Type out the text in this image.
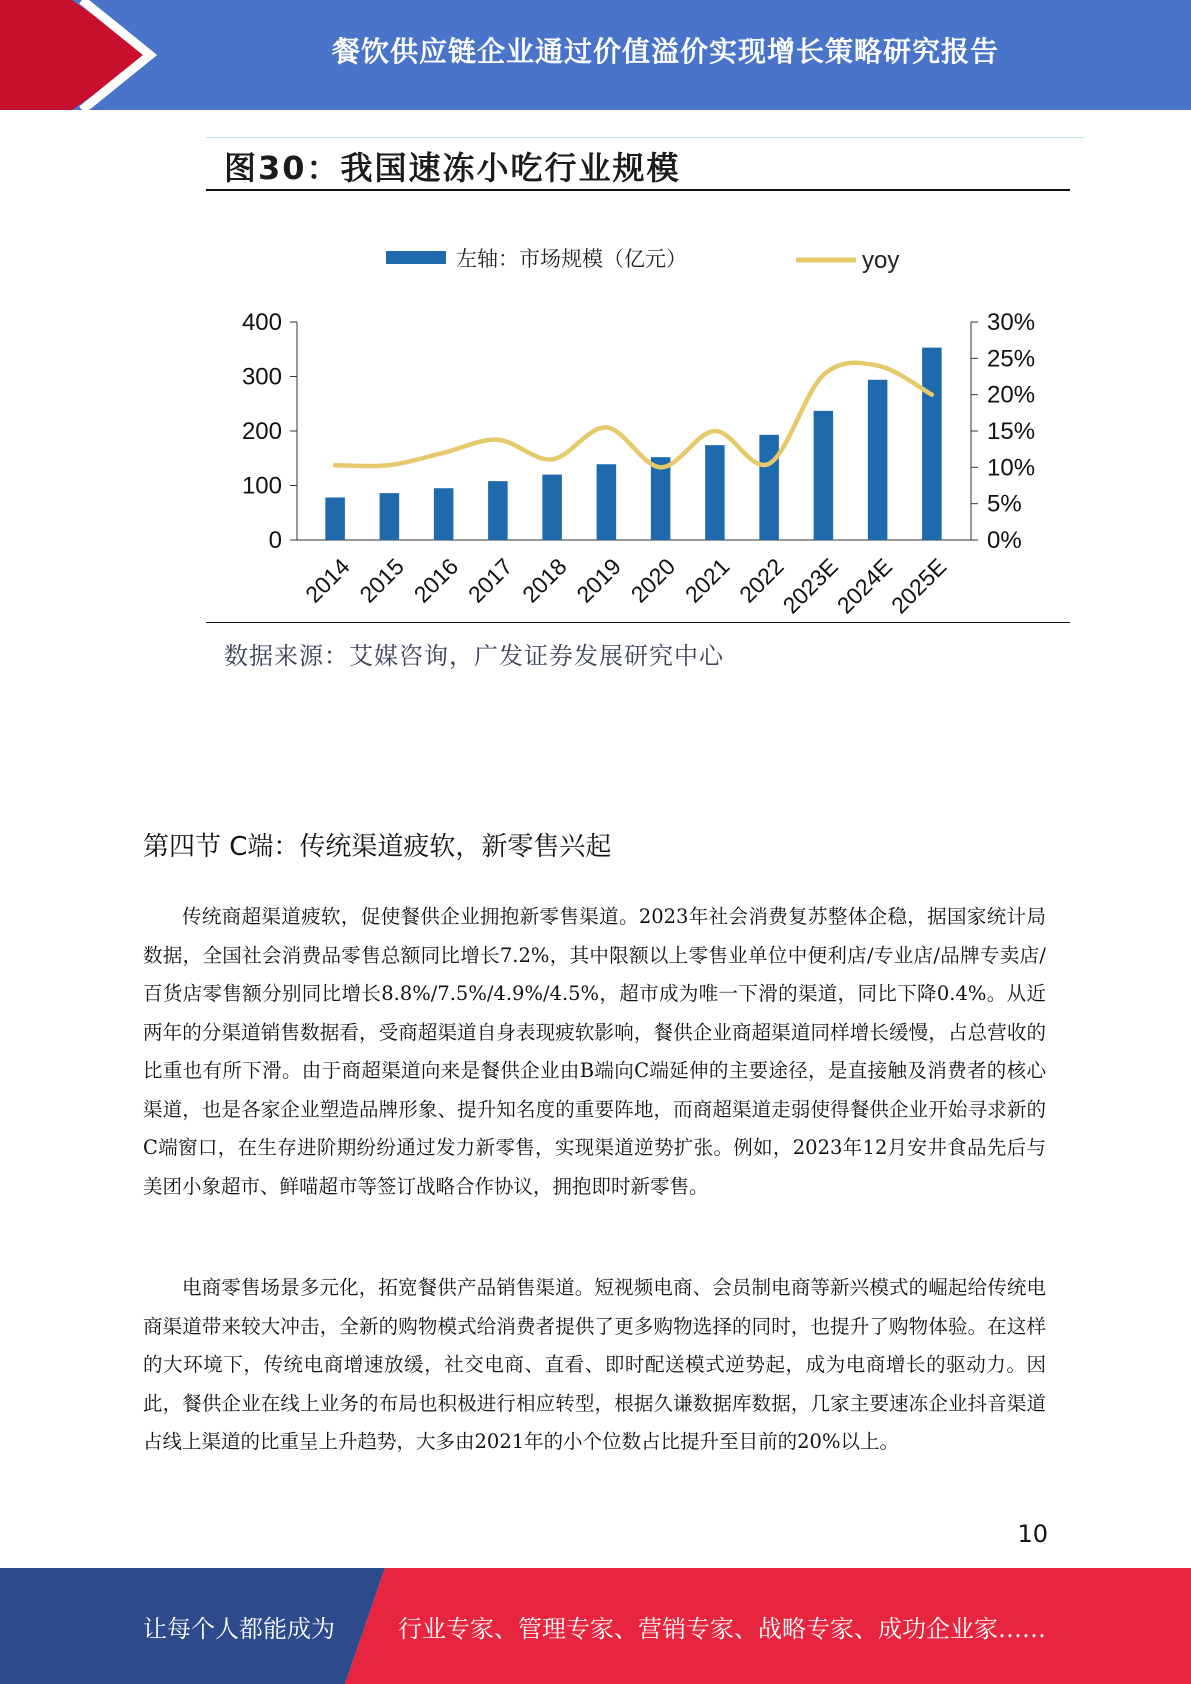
餐饮供应链企业通过价值溢价实现增长策略研究报告
图30：我国速冻小吃行业规模
左轴：市场规模（亿元）	yoy
0
100
200
300
400
0%
5%
10%
15%
20%
25%
30%
2014 2015 2016 2017 2018 2019 2020 2021 2022
2023E
2024E
2025E
数据来源：艾媒咨询，广发证券发展研究中心
第四节 C端：传统渠道疲软，新零售兴起

传统商超渠道疲软，促使餐供企业拥抱新零售渠道。2023年社会消费复苏整体企稳，据国家统计局数据，全国社会消费品零售总额同比增长7.2%，其中限额以上零售业单位中便利店/专业店/品牌专卖店/百货店零售额分别同比增长8.8%/7.5%/4.9%/4.5%，超市成为唯一下滑的渠道，同比下降0.4%。从近两年的分渠道销售数据看，受商超渠道自身表现疲软影响，餐供企业商超渠道同样增长缓慢，占总营收的比重也有所下滑。由于商超渠道向来是餐供企业由B端向C端延伸的主要途径，是直接触及消费者的核心渠道，也是各家企业塑造品牌形象、提升知名度的重要阵地，而商超渠道走弱使得餐供企业开始寻求新的C端窗口，在生存进阶期纷纷通过发力新零售，实现渠道逆势扩张。例如，2023年12月安井食品先后与美团小象超市、鲜喵超市等签订战略合作协议，拥抱即时新零售。

电商零售场景多元化，拓宽餐供产品销售渠道。短视频电商、会员制电商等新兴模式的崛起给传统电商渠道带来较大冲击，全新的购物模式给消费者提供了更多购物选择的同时，也提升了购物体验。在这样的大环境下，传统电商增速放缓，社交电商、直看、即时配送模式逆势起，成为电商增长的驱动力。因此，餐供企业在线上业务的布局也积极进行相应转型，根据久谦数据库数据，几家主要速冻企业抖音渠道占线上渠道的比重呈上升趋势，大多由2021年的小个位数占比提升至目前的20%以上。

10
让每个人都能成为	行业专家、管理专家、营销专家、战略专家、成功企业家……
